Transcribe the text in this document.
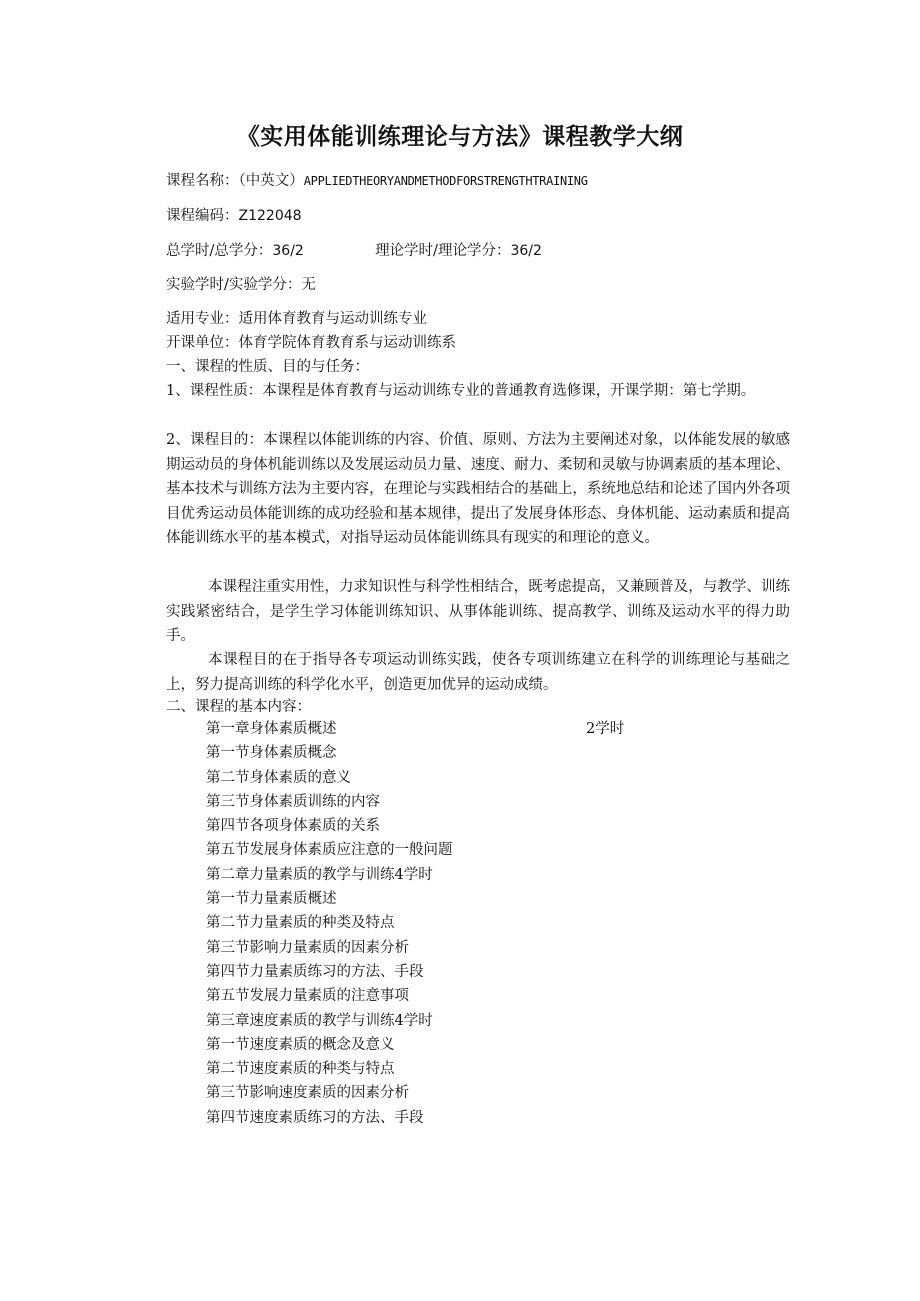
《实用体能训练理论与方法》课程教学大纲
课程名称：（中英文）APPLIEDTHEORYANDMETHODFORSTRENGTHTRAINING
课程编码：Z122048
总学时/总学分：36/2	理论学时/理论学分：36/2
实验学时/实验学分：无
适用专业：适用体育教育与运动训练专业
开课单位：体育学院体育教育系与运动训练系
一、课程的性质、目的与任务：
1、课程性质：本课程是体育教育与运动训练专业的普通教育选修课，开课学期：第七学期。
2、课程目的：本课程以体能训练的内容、价值、原则、方法为主要阐述对象，以体能发展的敏感期运动员的身体机能训练以及发展运动员力量、速度、耐力、柔韧和灵敏与协调素质的基本理论、基本技术与训练方法为主要内容，在理论与实践相结合的基础上，系统地总结和论述了国内外各项目优秀运动员体能训练的成功经验和基本规律，提出了发展身体形态、身体机能、运动素质和提高体能训练水平的基本模式，对指导运动员体能训练具有现实的和理论的意义。
本课程注重实用性，力求知识性与科学性相结合，既考虑提高，又兼顾普及，与教学、训练实践紧密结合，是学生学习体能训练知识、从事体能训练、提高教学、训练及运动水平的得力助手。
本课程目的在于指导各专项运动训练实践，使各专项训练建立在科学的训练理论与基础之上，努力提高训练的科学化水平，创造更加优异的运动成绩。
二、课程的基本内容：
第一章身体素质概述	2学时
第一节身体素质概念
第二节身体素质的意义
第三节身体素质训练的内容
第四节各项身体素质的关系
第五节发展身体素质应注意的一般问题
第二章力量素质的教学与训练4学时
第一节力量素质概述
第二节力量素质的种类及特点
第三节影响力量素质的因素分析
第四节力量素质练习的方法、手段
第五节发展力量素质的注意事项
第三章速度素质的教学与训练4学时
第一节速度素质的概念及意义
第二节速度素质的种类与特点
第三节影响速度素质的因素分析
第四节速度素质练习的方法、手段
